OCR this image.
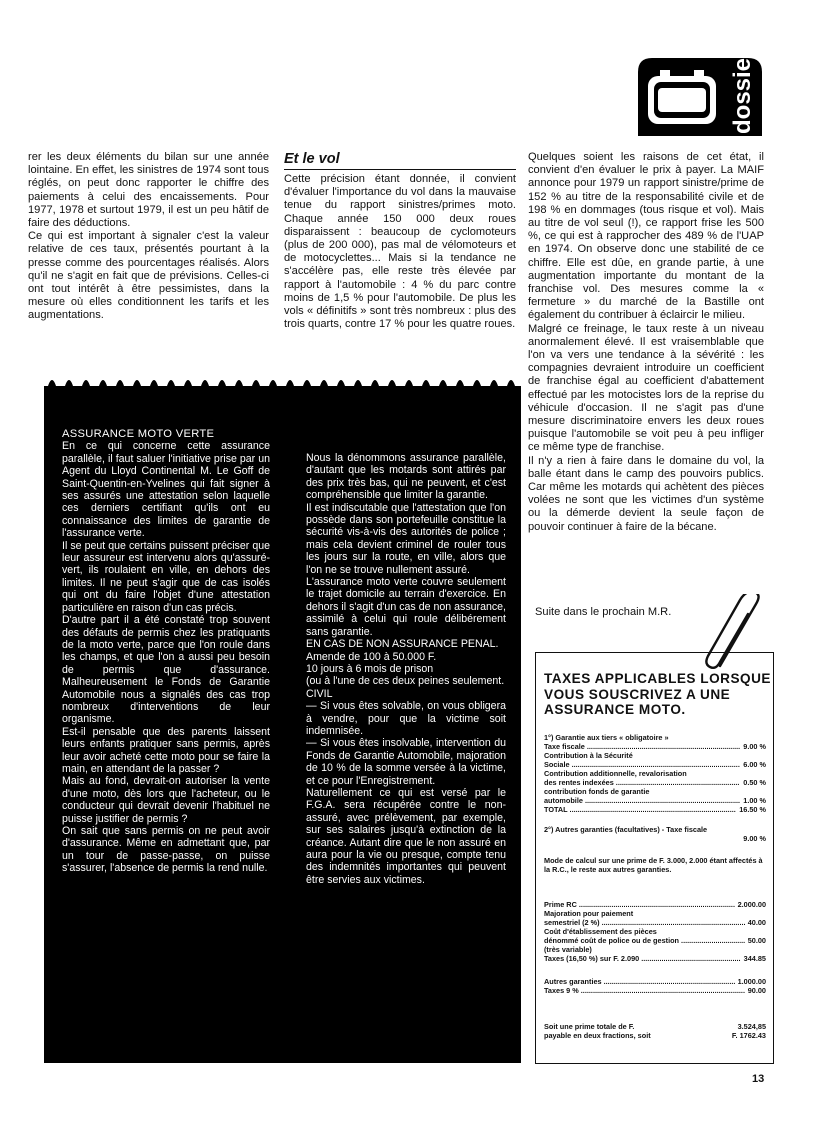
rer les deux éléments du bilan sur une année lointaine. En effet, les sinistres de 1974 sont tous réglés, on peut donc rapporter le chiffre des paiements à celui des encaissements. Pour 1977, 1978 et surtout 1979, il est un peu hâtif de faire des déductions.

Ce qui est important à signaler c'est la valeur relative de ces taux, présentés pourtant à la presse comme des pourcentages réalisés. Alors qu'il ne s'agit en fait que de prévisions. Celles-ci ont tout intérêt à être pessimistes, dans la mesure où elles conditionnent les tarifs et les augmentations.

Et le vol

Cette précision étant donnée, il convient d'évaluer l'importance du vol dans la mauvaise tenue du rapport sinistres/primes moto. Chaque année 150 000 deux roues disparaissent : beaucoup de cyclomoteurs (plus de 200 000), pas mal de vélomoteurs et de motocyclettes... Mais si la tendance ne s'accélère pas, elle reste très élevée par rapport à l'automobile : 4 % du parc contre moins de 1,5 % pour l'automobile. De plus les vols « définitifs » sont très nombreux : plus des trois quarts, contre 17 % pour les quatre roues.

Quelques soient les raisons de cet état, il convient d'en évaluer le prix à payer. La MAIF annonce pour 1979 un rapport sinistre/prime de 152 % au titre de la responsabilité civile et de 198 % en dommages (tous risque et vol). Mais au titre de vol seul (!), ce rapport frise les 500 %, ce qui est à rapprocher des 489 % de l'UAP en 1974. On observe donc une stabilité de ce chiffre. Elle est dûe, en grande partie, à une augmentation importante du montant de la franchise vol. Des mesures comme la « fermeture » du marché de la Bastille ont également du contribuer à éclaircir le milieu.

Malgré ce freinage, le taux reste à un niveau anormalement élevé. Il est vraisemblable que l'on va vers une tendance à la sévérité : les compagnies devraient introduire un coefficient de franchise égal au coefficient d'abattement effectué par les motocistes lors de la reprise du véhicule d'occasion. Il ne s'agit pas d'une mesure discriminatoire envers les deux roues puisque l'automobile se voit peu à peu infliger ce même type de franchise.

Il n'y a rien à faire dans le domaine du vol, la balle étant dans le camp des pouvoirs publics. Car même les motards qui achètent des pièces volées ne sont que les victimes d'un système ou la démerde devient la seule façon de pouvoir continuer à faire de la bécane.

dossier

ASSURANCE MOTO VERTE

En ce qui concerne cette assurance parallèle, il faut saluer l'initiative prise par un Agent du Lloyd Continental M. Le Goff de Saint-Quentin-en-Yvelines qui fait signer à ses assurés une attestation selon laquelle ces derniers certifiant qu'ils ont eu connaissance des limites de garantie de l'assurance verte.

Il se peut que certains puissent préciser que leur assureur est intervenu alors qu'assuré-vert, ils roulaient en ville, en dehors des limites. Il ne peut s'agir que de cas isolés qui ont du faire l'objet d'une attestation particulière en raison d'un cas précis.

D'autre part il a été constaté trop souvent des défauts de permis chez les pratiquants de la moto verte, parce que l'on roule dans les champs, et que l'on a aussi peu besoin de permis que d'assurance. Malheureusement le Fonds de Garantie Automobile nous a signalés des cas trop nombreux d'interventions de leur organisme.

Est-il pensable que des parents laissent leurs enfants pratiquer sans permis, après leur avoir acheté cette moto pour se faire la main, en attendant de la passer ?

Mais au fond, devrait-on autoriser la vente d'une moto, dès lors que l'acheteur, ou le conducteur qui devrait devenir l'habituel ne puisse justifier de permis ?

On sait que sans permis on ne peut avoir d'assurance. Même en admettant que, par un tour de passe-passe, on puisse s'assurer, l'absence de permis la rend nulle.

Nous la dénommons assurance parallèle, d'autant que les motards sont attirés par des prix très bas, qui ne peuvent, et c'est compréhensible que limiter la garantie.

Il est indiscutable que l'attestation que l'on possède dans son portefeuille constitue la sécurité vis-à-vis des autorités de police ; mais cela devient criminel de rouler tous les jours sur la route, en ville, alors que l'on ne se trouve nullement assuré.

L'assurance moto verte couvre seulement le trajet domicile au terrain d'exercice. En dehors il s'agit d'un cas de non assurance, assimilé à celui qui roule délibérement sans garantie.

EN CAS DE NON ASSURANCE PENAL.

Amende de 100 à 50.000 F.

10 jours à 6 mois de prison

(ou à l'une de ces deux peines seulement.

CIVIL

— Si vous êtes solvable, on vous obligera à vendre, pour que la victime soit indemnisée.

— Si vous êtes insolvable, intervention du Fonds de Garantie Automobile, majoration de 10 % de la somme versée à la victime, et ce pour l'Enregistrement.

Naturellement ce qui est versé par le F.G.A. sera récupérée contre le non-assuré, avec prélèvement, par exemple, sur ses salaires jusqu'à extinction de la créance. Autant dire que le non assuré en aura pour la vie ou presque, compte tenu des indemnités importantes qui peuvent être servies aux victimes.

Suite dans le prochain M.R.
TAXES APPLICABLES LORSQUE VOUS SOUSCRIVEZ A UNE ASSURANCE MOTO.
1°) Garantie aux tiers « obligatoire »
Taxe fiscale .....	9.00 %
Contribution à la Sécurité
Sociale .....	6.00 %
Contribution additionnelle, revalorisation
des rentes indexées .....	0.50 %
contribution fonds de garantie
automobile .....	1.00 %
TOTAL .....	16.50 %
2°) Autres garanties (facultatives) - Taxe fiscale
9.00 %
Mode de calcul sur une prime de F. 3.000, 2.000 étant affectés à la R.C., le reste aux autres garanties.
Prime RC .....	2.000.00
Majoration pour paiement
semestriel (2 %) .....	40.00
Coût d'établissement des pièces
dénommé coût de police ou de gestion .....	50.00
(très variable)
Taxes (16,50 %) sur F. 2.090 .....	344.85
Autres garanties .....	1.000.00
Taxes 9 % .....	90.00
Soit une prime totale de F.	3.524,85
payable en deux fractions, soit	F. 1762.43
13
